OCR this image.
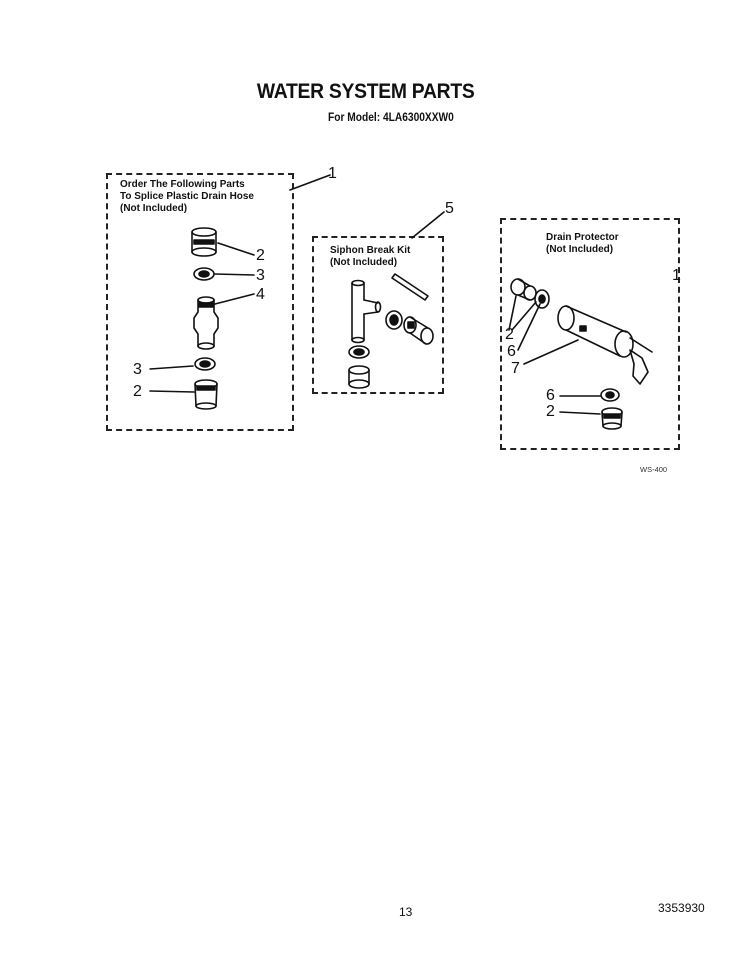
WATER SYSTEM PARTS
For Model: 4LA6300XXW0
Order The Following Parts
To Splice Plastic Drain Hose
(Not Included)
Siphon Break Kit
(Not Included)
Drain Protector
(Not Included)
1
5
2
3
4
3
2
1
2
6
7
6
2
WS-400
13	3353930
